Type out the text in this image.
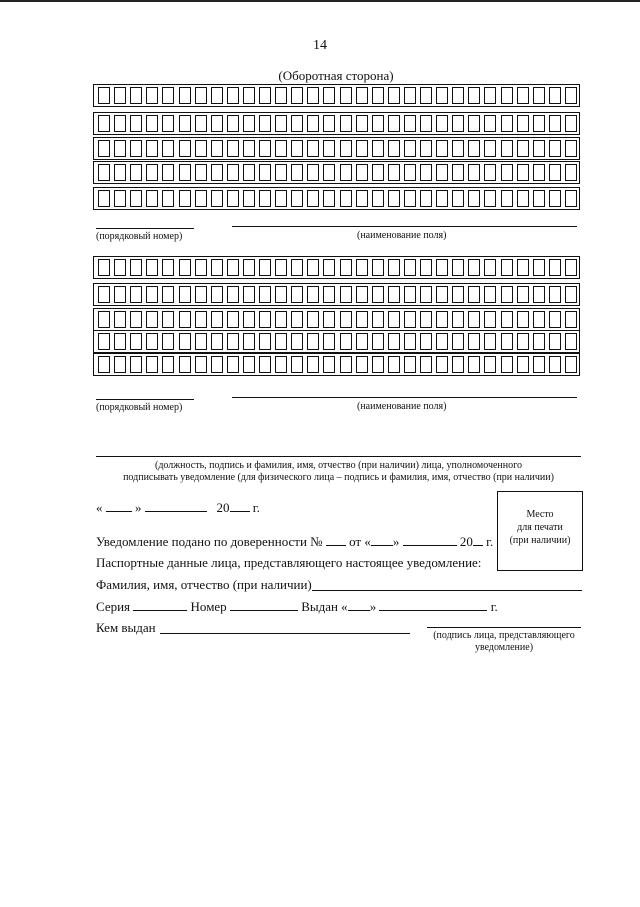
14
(Оборотная сторона)
(порядковый номер)	(наименование поля)
(порядковый номер)	(наименование поля)
(должность, подпись и фамилия, имя, отчество (при наличии) лица, уполномоченного
подписывать уведомление (для физического лица – подпись и фамилия, имя, отчество (при наличии)
«	»	20 г.	Место
для печати
(при наличии)
Уведомление подано по доверенности № от « »	20 г.
Паспортные данные лица, представляющего настоящее уведомление:
Фамилия, имя, отчество (при наличии)
Серия	Номер	Выдан « »	г.
Кем выдан
(подпись лица, представляющего
уведомление)
